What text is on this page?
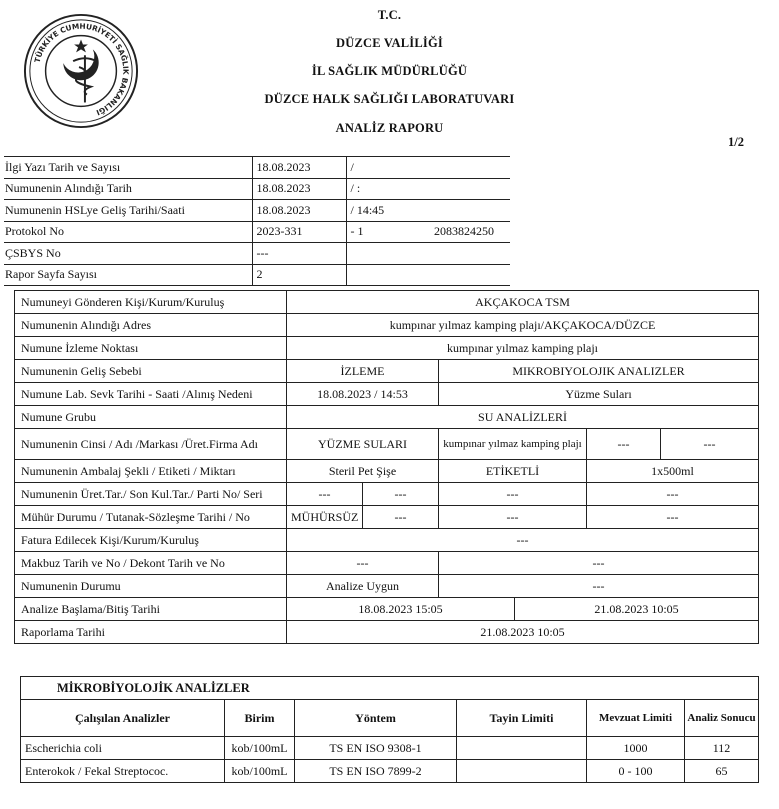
TÜRKİYE CUMHURİYETİ SAĞLIK BAKANLIĞI
T.C.
DÜZCE VALİLİĞİ
İL SAĞLIK MÜDÜRLÜĞÜ
DÜZCE HALK SAĞLIĞI LABORATUVARI
ANALİZ RAPORU
1/2
İlgi Yazı Tarih ve Sayısı	18.08.2023	/	
Numunenin Alındığı Tarih	18.08.2023	/ :	
Numunenin HSLye Geliş Tarihi/Saati	18.08.2023	/ 14:45	
Protokol No	2023-331	- 1	2083824250
ÇSBYS No	---		
Rapor Sayfa Sayısı	2		
Numuneyi Gönderen Kişi/Kurum/Kuruluş	AKÇAKOCA TSM					
Numunenin Alındığı Adres	kumpınar yılmaz kamping plajı/AKÇAKOCA/DÜZCE					
Numune İzleme Noktası	kumpınar yılmaz kamping plajı					
Numunenin Geliş Sebebi	İZLEME		MIKROBIYOLOJIK ANALIZLER			
Numune Lab. Sevk Tarihi - Saati /Alınış Nedeni	18.08.2023 / 14:53		Yüzme Suları			
Numune Grubu	SU ANALİZLERİ					
Numunenin Cinsi / Adı /Markası /Üret.Firma Adı	YÜZME SULARI		kumpınar yılmaz kamping plajı		---	---
Numunenin Ambalaj Şekli / Etiketi / Miktarı	Steril Pet Şişe		ETİKETLİ		1x500ml	
Numunenin Üret.Tar./ Son Kul.Tar./ Parti No/ Seri	---	---	---		---	
Mühür Durumu / Tutanak-Sözleşme Tarihi / No	MÜHÜRSÜZ	---	---		---	
Fatura Edilecek Kişi/Kurum/Kuruluş	---					
Makbuz Tarih ve No / Dekont Tarih ve No	---		---			
Numunenin Durumu	Analize Uygun		---			
Analize Başlama/Bitiş Tarihi	18.08.2023 15:05			21.08.2023 10:05		
Raporlama Tarihi	21.08.2023 10:05					
MİKROBİYOLOJİK ANALİZLER					
Çalışılan Analizler	Birim	Yöntem	Tayin Limiti	Mevzuat Limiti	Analiz Sonucu
Escherichia coli	kob/100mL	TS EN ISO 9308-1		1000	112
Enterokok / Fekal Streptococ.	kob/100mL	TS EN ISO 7899-2		0 - 100	65
